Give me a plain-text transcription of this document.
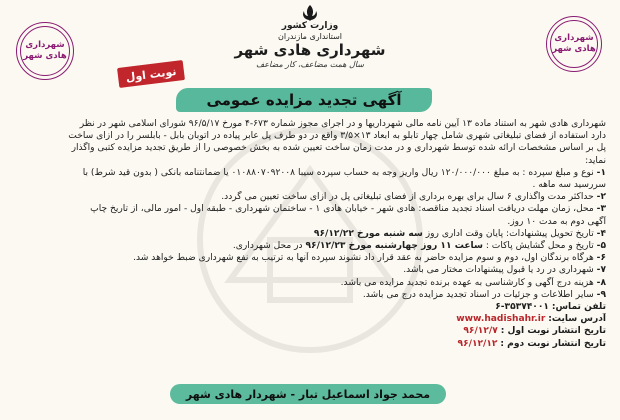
وزارت کشور
استانداری مازندران
شهرداری هادی شهر
سال همت مضاعف، کار مضاعف
شهرداری هادی شهر
شهرداری هادی شهر
نوبت اول
آگهی تجدید مزایده عمومی
شهرداری هادی شهر به استناد ماده ۱۳ آیین نامه مالی شهرداریها و در اجرای مجوز شماره ۶۷۳-۴ مورخ ۹۶/۵/۱۷ شورای اسلامی شهر در نظر
دارد استفاده از فضای تبلیغاتی شهری شامل چهار تابلو به ابعاد ۱۳×۳/۵ واقع در دو طرف پل عابر پیاده در اتوبان بابل - بابلسر را در ازای ساخت
پل بر اساس مشخصات ارائه شده توسط شهرداری و در مدت زمان ساخت تعیین شده به بخش خصوصی را از طریق تجدید مزایده کتبی واگذار
نماید:
۱- نوع و مبلغ سپرده : به مبلغ ۱۲۰/۰۰۰/۰۰۰ ریال واریز وجه به حساب سپرده سیبا ۰۱۰۸۸۰۷۰۹۲۰۰۸ یا ضمانتنامه بانکی ( بدون قید شرط) با
سررسید سه ماهه .
۲- حداکثر مدت واگذاری ۶ سال برای بهره برداری از فضای تبلیغاتی پل در ازای ساخت تعیین می گردد.
۳- محل، زمان مهلت دریافت اسناد تجدید مناقصه: هادی شهر - خیابان هادی ۱ - ساختمان شهرداری - طبقه اول - امور مالی، از تاریخ چاپ
آگهی دوم به مدت ۱۰ روز.
۴- تاریخ تحویل پیشنهادات: پایان وقت اداری روز سه شنبه مورخ ۹۶/۱۲/۲۲
۵- تاریخ و محل گشایش پاکات : ساعت ۱۱ روز چهارشنبه مورخ ۹۶/۱۲/۲۳ در محل شهرداری.
۶- هرگاه برندگان اول، دوم و سوم مزایده حاضر به عقد قرار داد نشوند سپرده آنها به ترتیب به نفع شهرداری ضبط خواهد شد.
۷- شهرداری در رد یا قبول پیشنهادات مختار می باشد.
۸- هزینه درج آگهی و کارشناسی به عهده برنده تجدید مزایده می باشد.
۹- سایر اطلاعات و جزئیات در اسناد تجدید مزایده درج می باشد.
تلفن تماس: ۳۵۳۷۴۰۰۱-۶
آدرس سایت: www.hadishahr.ir
تاریخ انتشار نوبت اول : ۹۶/۱۲/۷
تاریخ انتشار نوبت دوم : ۹۶/۱۲/۱۲
محمد جواد اسماعیل تبار - شهردار هادی شهر
